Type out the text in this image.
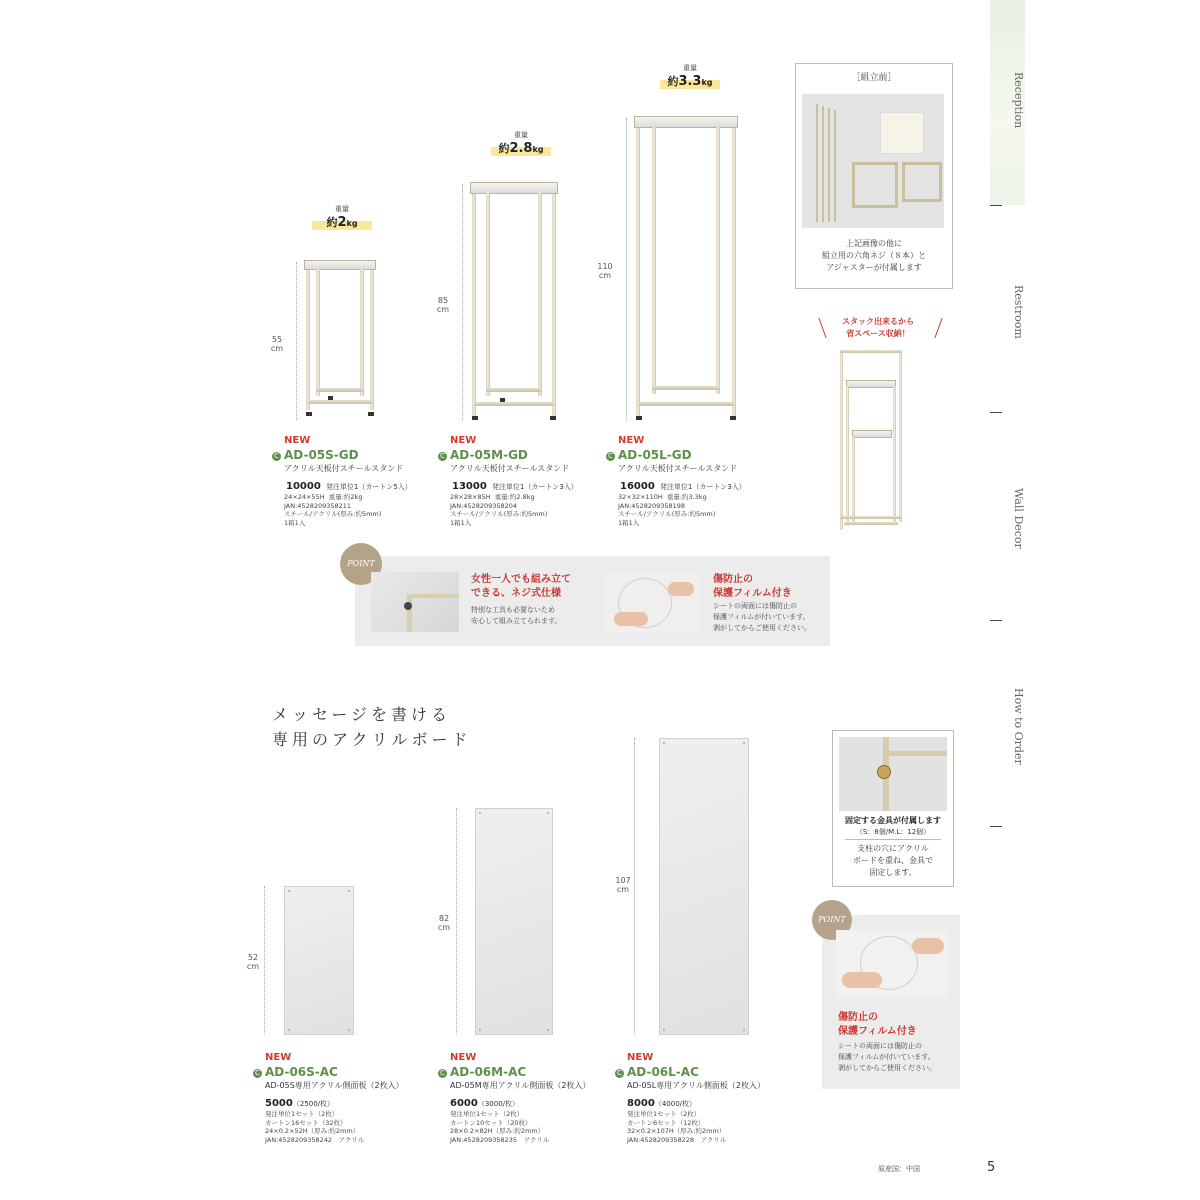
Reception
Restroom
Wall Decor
How to Order
重量
約2kg
55
cm
重量
約2.8kg
85
cm
重量
約3.3kg
110
cm
NEW
C AD-05S-GD
アクリル天板付スチールスタンド
10000 発注単位1（カートン5入）
24×24×55H  重量:約2kg
JAN:4528209358211
スチール/アクリル(厚み:約5mm)
1箱1入
NEW
C AD-05M-GD
アクリル天板付スチールスタンド
13000 発注単位1（カートン3入）
28×28×85H  重量:約2.8kg
JAN:4528209358204
スチール/アクリル(厚み:約5mm)
1箱1入
NEW
C AD-05L-GD
アクリル天板付スチールスタンド
16000 発注単位1（カートン3入）
32×32×110H  重量:約3.3kg
JAN:4528209358198
スチール/アクリル(厚み:約5mm)
1箱1入
［組立前］
上記画像の他に
組立用の六角ネジ（８本）と
アジャスターが付属します
スタック出来るから
省スペース収納！
POINT
女性一人でも組み立て
できる、ネジ式仕様
特別な工具も必要ないため
安心して組み立てられます。
傷防止の
保護フィルム付き
シートの両面には傷防止の
保護フィルムが付いています。
剥がしてからご使用ください。
メッセージを書ける
専用のアクリルボード
52
cm
82
cm
107
cm
NEW
C AD-06S-AC
AD-05S専用アクリル側面板（2枚入）
5000（2500/枚）
発注単位1セット（2枚）
カートン16セット（32枚）
24×0.2×52H（厚み:約2mm）
JAN:4528209358242　アクリル
NEW
C AD-06M-AC
AD-05M専用アクリル側面板（2枚入）
6000（3000/枚）
発注単位1セット（2枚）
カートン10セット（20枚）
28×0.2×82H（厚み:約2mm）
JAN:4528209358235　アクリル
NEW
C AD-06L-AC
AD-05L専用アクリル側面板（2枚入）
8000（4000/枚）
発注単位1セット（2枚）
カートン6セット（12枚）
32×0.2×107H（厚み:約2mm）
JAN:4528209358228　アクリル
固定する金具が付属します
（S：8個/M.L：12個）
支柱の穴にアクリル
ボードを重ね、金具で
固定します。
POINT
傷防止の
保護フィルム付き
シートの両面には傷防止の
保護フィルムが付いています。
剥がしてからご使用ください。
原産国：中国	5
